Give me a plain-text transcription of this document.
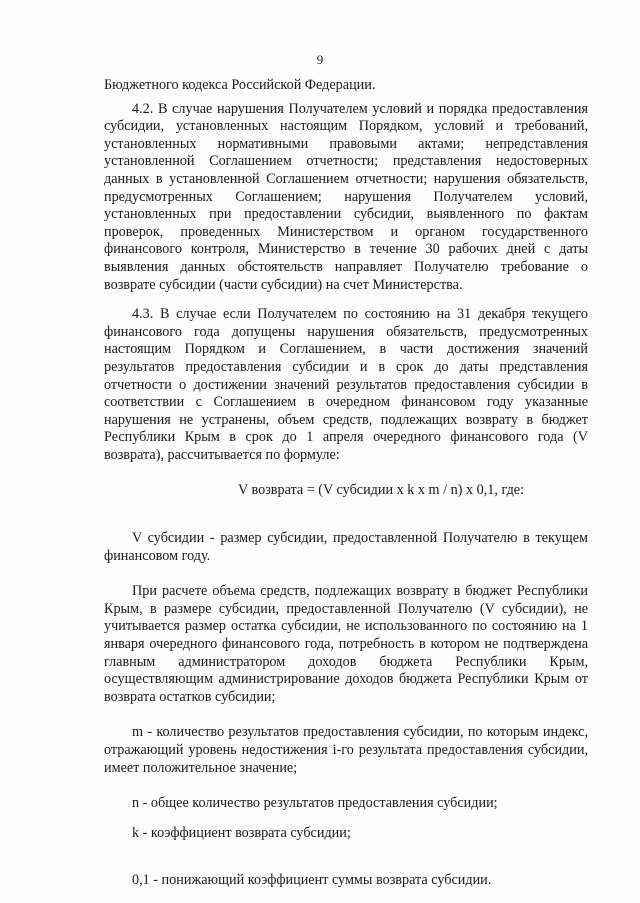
9

Бюджетного кодекса Российской Федерации.

4.2. В случае нарушения Получателем условий и порядка предоставления субсидии, установленных настоящим Порядком, условий и требований, установленных нормативными правовыми актами; непредставления установленной Соглашением отчетности; представления недостоверных данных в установленной Соглашением отчетности; нарушения обязательств, предусмотренных Соглашением; нарушения Получателем условий, установленных при предоставлении субсидии, выявленного по фактам проверок, проведенных Министерством и органом государственного финансового контроля, Министерство в течение 30 рабочих дней с даты выявления данных обстоятельств направляет Получателю требование о возврате субсидии (части субсидии) на счет Министерства.

4.3. В случае если Получателем по состоянию на 31 декабря текущего финансового года допущены нарушения обязательств, предусмотренных настоящим Порядком и Соглашением, в части достижения значений результатов предоставления субсидии и в срок до даты представления отчетности о достижении значений результатов предоставления субсидии в соответствии с Соглашением в очередном финансовом году указанные нарушения не устранены, объем средств, подлежащих возврату в бюджет Республики Крым в срок до 1 апреля очередного финансового года (V возврата), рассчитывается по формуле:

V возврата = (V субсидии x k x m / n) x 0,1, где:

V субсидии - размер субсидии, предоставленной Получателю в текущем финансовом году.

При расчете объема средств, подлежащих возврату в бюджет Республики Крым, в размере субсидии, предоставленной Получателю (V субсидии), не учитывается размер остатка субсидии, не использованного по состоянию на 1 января очередного финансового года, потребность в котором не подтверждена главным администратором доходов бюджета Республики Крым, осуществляющим администрирование доходов бюджета Республики Крым от возврата остатков субсидии;

m - количество результатов предоставления субсидии, по которым индекс, отражающий уровень недостижения i-го результата предоставления субсидии, имеет положительное значение;

n - общее количество результатов предоставления субсидии;

k - коэффициент возврата субсидии;

0,1 - понижающий коэффициент суммы возврата субсидии.
